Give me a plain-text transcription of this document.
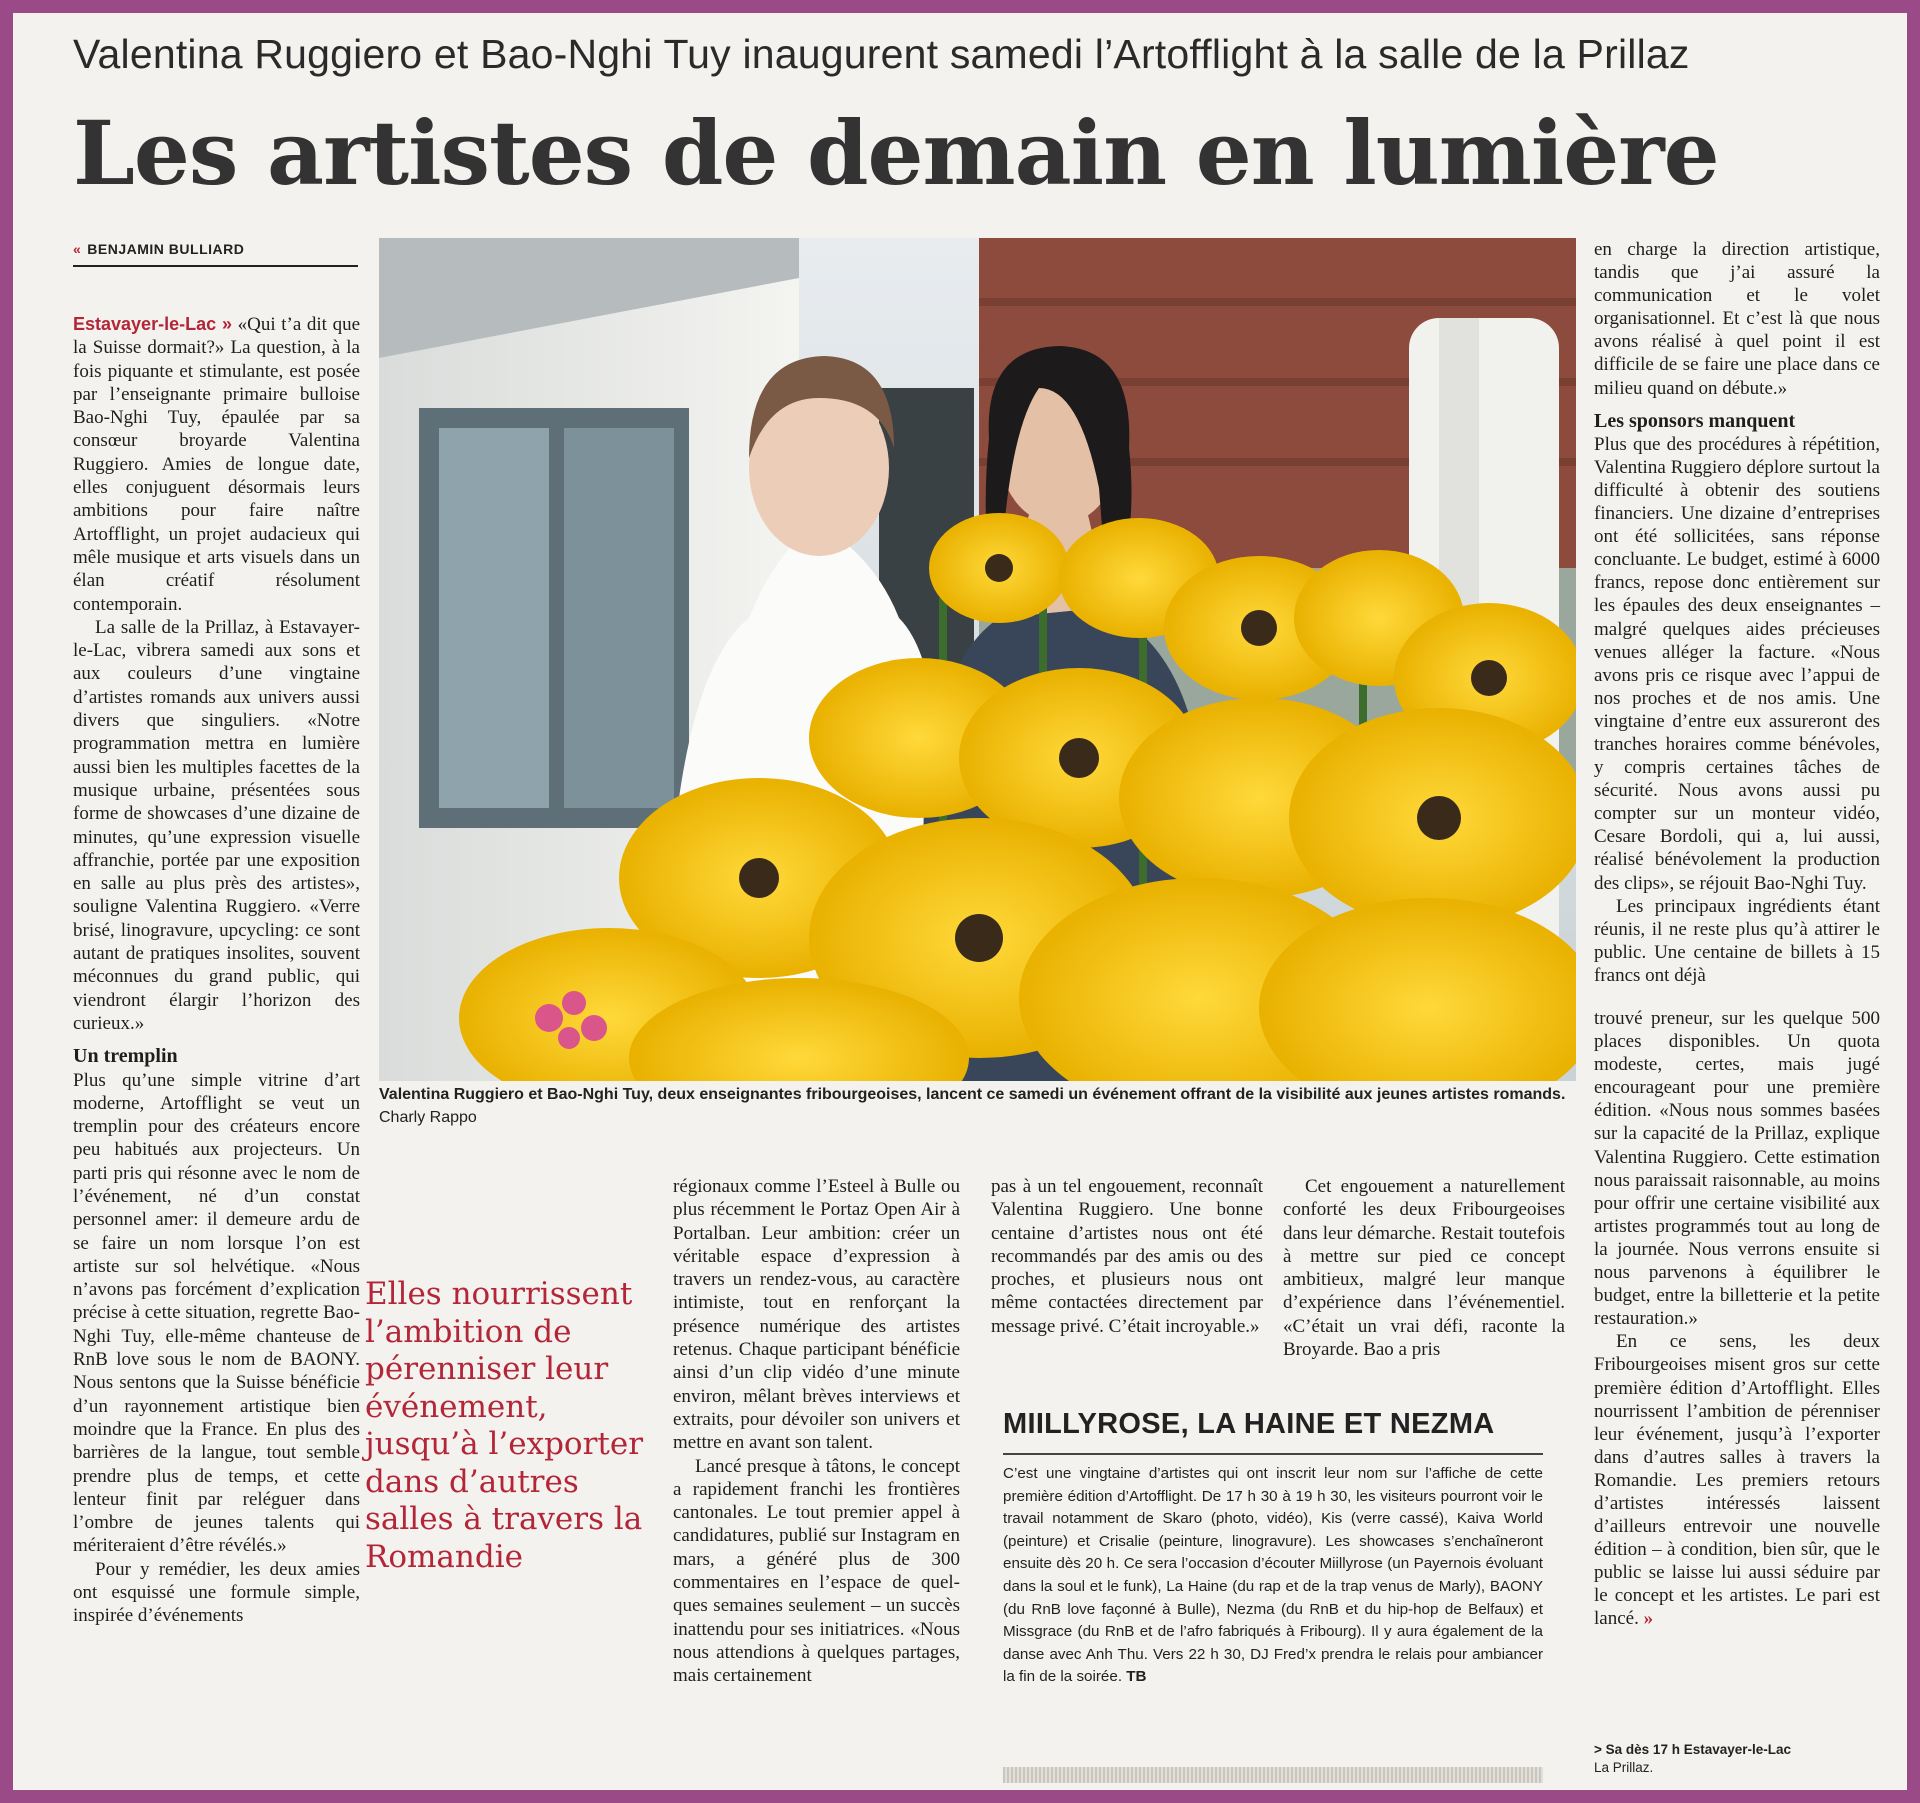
Valentina Ruggiero et Bao-Nghi Tuy inaugurent samedi l’Artofflight à la salle de la Prillaz
Les artistes de demain en lumière
« BENJAMIN BULLIARD

Estavayer-le-Lac » «Qui t’a dit que la Suisse dormait?» La question, à la fois piquante et stimulante, est posée par l’enseignante primaire bulloise Bao-Nghi Tuy, épaulée par sa consœur broyarde Valentina Ruggiero. Amies de longue date, elles conjuguent désormais leurs ambitions pour faire naître Artofflight, un projet audacieux qui mêle musique et arts visuels dans un élan créatif résolument contemporain.

La salle de la Prillaz, à Estavayer-le-Lac, vibrera samedi aux sons et aux couleurs d’une vingtaine d’artistes romands aux univers aussi divers que singuliers. «Notre programmation mettra en lumière aussi bien les multiples facettes de la musique urbaine, présentées sous forme de showcases d’une dizaine de minutes, qu’une expression visuelle affranchie, portée par une exposition en salle au plus près des artistes», souligne Valentina Ruggiero. «Verre brisé, linogravure, upcycling: ce sont autant de pratiques insolites, souvent méconnues du grand public, qui viendront élargir l’horizon des curieux.»

Un tremplin

Plus qu’une simple vitrine d’art moderne, Artofflight se veut un tremplin pour des créateurs encore peu habitués aux projecteurs. Un parti pris qui résonne avec le nom de l’événement, né d’un constat personnel amer: il demeure ardu de se faire un nom lorsque l’on est artiste sur sol helvétique. «Nous n’avons pas forcément d’explication précise à cette situation, regrette Bao-Nghi Tuy, elle-même chanteuse de RnB love sous le nom de BAONY. Nous sentons que la Suisse bénéficie d’un rayonnement artistique bien moindre que la France. En plus des barrières de la langue, tout semble prendre plus de temps, et cette lenteur finit par reléguer dans l’ombre de jeunes talents qui mériteraient d’être révélés.»

Pour y remédier, les deux amies ont esquissé une formule simple, inspirée d’événements

Valentina Ruggiero et Bao-Nghi Tuy, deux enseignantes fribourgeoises, lancent ce samedi un événement offrant de la visibilité aux jeunes artistes romands. Charly Rappo

régionaux comme l’Esteel à Bulle ou plus récemment le Portaz Open Air à Portalban. Leur ambition: créer un véritable espace d’expression à travers un rendez-vous, au caractère intimiste, tout en renforçant la présence numérique des artistes retenus. Chaque participant bénéficie ainsi d’un clip vidéo d’une minute environ, mêlant brèves interviews et extraits, pour dévoiler son univers et mettre en avant son talent.

Lancé presque à tâtons, le concept a rapidement franchi les frontières cantonales. Le tout premier appel à candidatures, publié sur Instagram en mars, a généré plus de 300 commentaires en l’espace de quel-ques semaines seulement – un succès inattendu pour ses initiatrices. «Nous nous attendions à quelques partages, mais certainement

Elles nourrissent l’ambition de pérenniser leur événement, jusqu’à l’exporter dans d’autres salles à travers la Romandie

pas à un tel engouement, reconnaît Valentina Ruggiero. Une bonne centaine d’artistes nous ont été recommandés par des amis ou des proches, et plusieurs nous ont même contactées directement par message privé. C’était incroyable.»

Cet engouement a naturellement conforté les deux Fribourgeoises dans leur démarche. Restait toutefois à mettre sur pied ce concept ambitieux, malgré leur manque d’expérience dans l’événementiel. «C’était un vrai défi, raconte la Broyarde. Bao a pris

MIILLYROSE, LA HAINE ET NEZMA
C’est une vingtaine d’artistes qui ont inscrit leur nom sur l’affiche de cette première édition d’Artofflight. De 17 h 30 à 19 h 30, les visiteurs pourront voir le travail notamment de Skaro (photo, vidéo), Kis (verre cassé), Kaiva World (peinture) et Crisalie (peinture, linogravure). Les showcases s’enchaîneront ensuite dès 20 h. Ce sera l’occasion d’écouter Miillyrose (un Payernois évoluant dans la soul et le funk), La Haine (du rap et de la trap venus de Marly), BAONY (du RnB love façonné à Bulle), Nezma (du RnB et du hip-hop de Belfaux) et Missgrace (du RnB et de l’afro fabriqués à Fribourg). Il y aura également de la danse avec Anh Thu. Vers 22 h 30, DJ Fred’x prendra le relais pour ambiancer la fin de la soirée. TB

en charge la direction artistique, tandis que j’ai assuré la communication et le volet organisationnel. Et c’est là que nous avons réalisé à quel point il est difficile de se faire une place dans ce milieu quand on débute.»

Les sponsors manquent

Plus que des procédures à répétition, Valentina Ruggiero déplore surtout la difficulté à obtenir des soutiens financiers. Une dizaine d’entreprises ont été sollicitées, sans réponse concluante. Le budget, estimé à 6000 francs, repose donc entièrement sur les épaules des deux enseignantes – malgré quelques aides précieuses venues alléger la facture. «Nous avons pris ce risque avec l’appui de nos proches et de nos amis. Une vingtaine d’entre eux assureront des tranches horaires comme bénévoles, y compris certaines tâches de sécurité. Nous avons aussi pu compter sur un monteur vidéo, Cesare Bordoli, qui a, lui aussi, réalisé bénévolement la production des clips», se réjouit Bao-Nghi Tuy.

Les principaux ingrédients étant réunis, il ne reste plus qu’à attirer le public. Une centaine de billets à 15 francs ont déjà

trouvé preneur, sur les quelque 500 places disponibles. Un quota modeste, certes, mais jugé encourageant pour une première édition. «Nous nous sommes basées sur la capacité de la Prillaz, explique Valentina Ruggiero. Cette estimation nous paraissait raisonnable, au moins pour offrir une certaine visibilité aux artistes programmés tout au long de la journée. Nous verrons ensuite si nous parvenons à équilibrer le budget, entre la billetterie et la petite restauration.»

En ce sens, les deux Fribourgeoises misent gros sur cette première édition d’Artofflight. Elles nourrissent l’ambition de pérenniser leur événement, jusqu’à l’exporter dans d’autres salles à travers la Romandie. Les premiers retours d’artistes intéressés laissent d’ailleurs entrevoir une nouvelle édition – à condition, bien sûr, que le public se laisse lui aussi séduire par le concept et les artistes. Le pari est lancé. »

> Sa dès 17 h Estavayer-le-Lac
La Prillaz.
